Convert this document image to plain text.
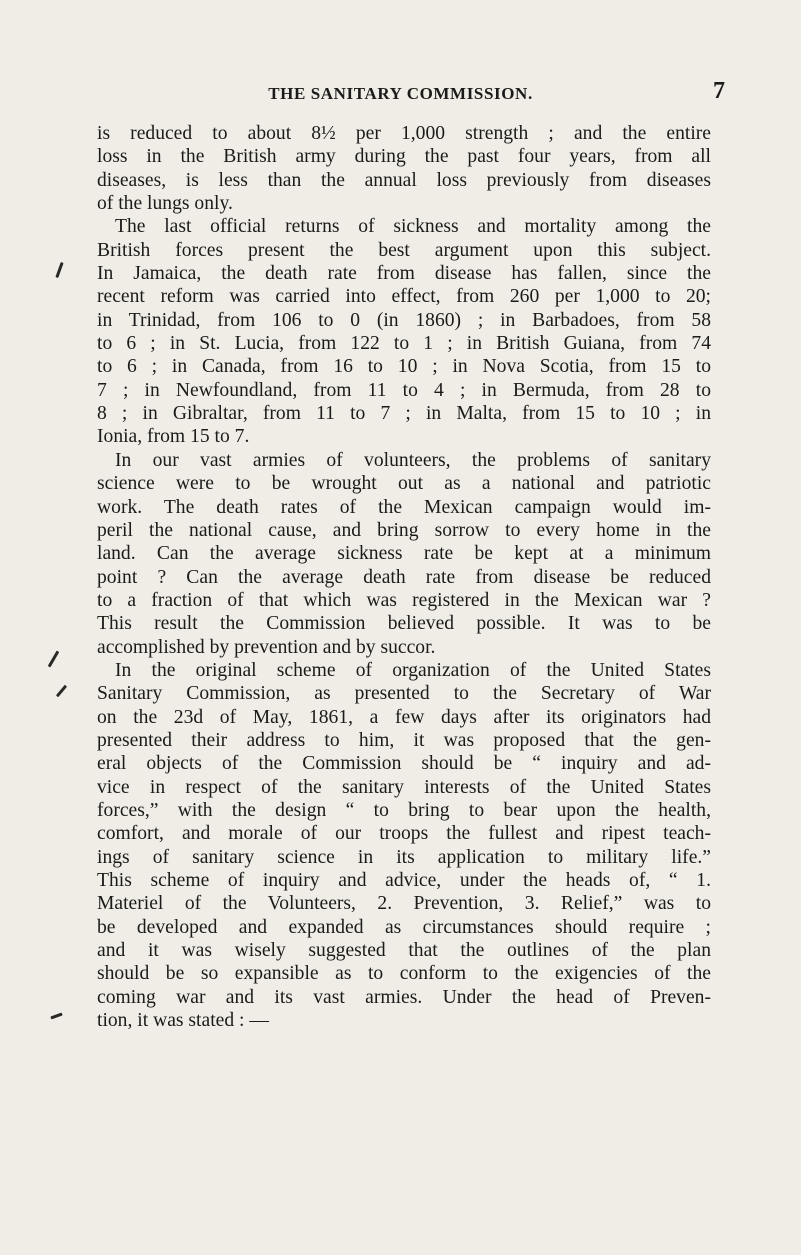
THE SANITARY COMMISSION.	7
is reduced to about 8½ per 1,000 strength ; and the entire
loss in the British army during the past four years, from all
diseases, is less than the annual loss previously from diseases
of the lungs only.
The last official returns of sickness and mortality among the
British forces present the best argument upon this subject.
In Jamaica, the death rate from disease has fallen, since the
recent reform was carried into effect, from 260 per 1,000 to 20;
in Trinidad, from 106 to 0 (in 1860) ; in Barbadoes, from 58
to 6 ; in St. Lucia, from 122 to 1 ; in British Guiana, from 74
to 6 ; in Canada, from 16 to 10 ; in Nova Scotia, from 15 to
7 ; in Newfoundland, from 11 to 4 ; in Bermuda, from 28 to
8 ; in Gibraltar, from 11 to 7 ; in Malta, from 15 to 10 ; in
Ionia, from 15 to 7.
In our vast armies of volunteers, the problems of sanitary
science were to be wrought out as a national and patriotic
work. The death rates of the Mexican campaign would im-
peril the national cause, and bring sorrow to every home in the
land. Can the average sickness rate be kept at a minimum
point ? Can the average death rate from disease be reduced
to a fraction of that which was registered in the Mexican war ?
This result the Commission believed possible. It was to be
accomplished by prevention and by succor.
In the original scheme of organization of the United States
Sanitary Commission, as presented to the Secretary of War
on the 23d of May, 1861, a few days after its originators had
presented their address to him, it was proposed that the gen-
eral objects of the Commission should be “ inquiry and ad-
vice in respect of the sanitary interests of the United States
forces,” with the design “ to bring to bear upon the health,
comfort, and morale of our troops the fullest and ripest teach-
ings of sanitary science in its application to military life.”
This scheme of inquiry and advice, under the heads of, “ 1.
Materiel of the Volunteers, 2. Prevention, 3. Relief,” was to
be developed and expanded as circumstances should require ;
and it was wisely suggested that the outlines of the plan
should be so expansible as to conform to the exigencies of the
coming war and its vast armies. Under the head of Preven-
tion, it was stated : —
